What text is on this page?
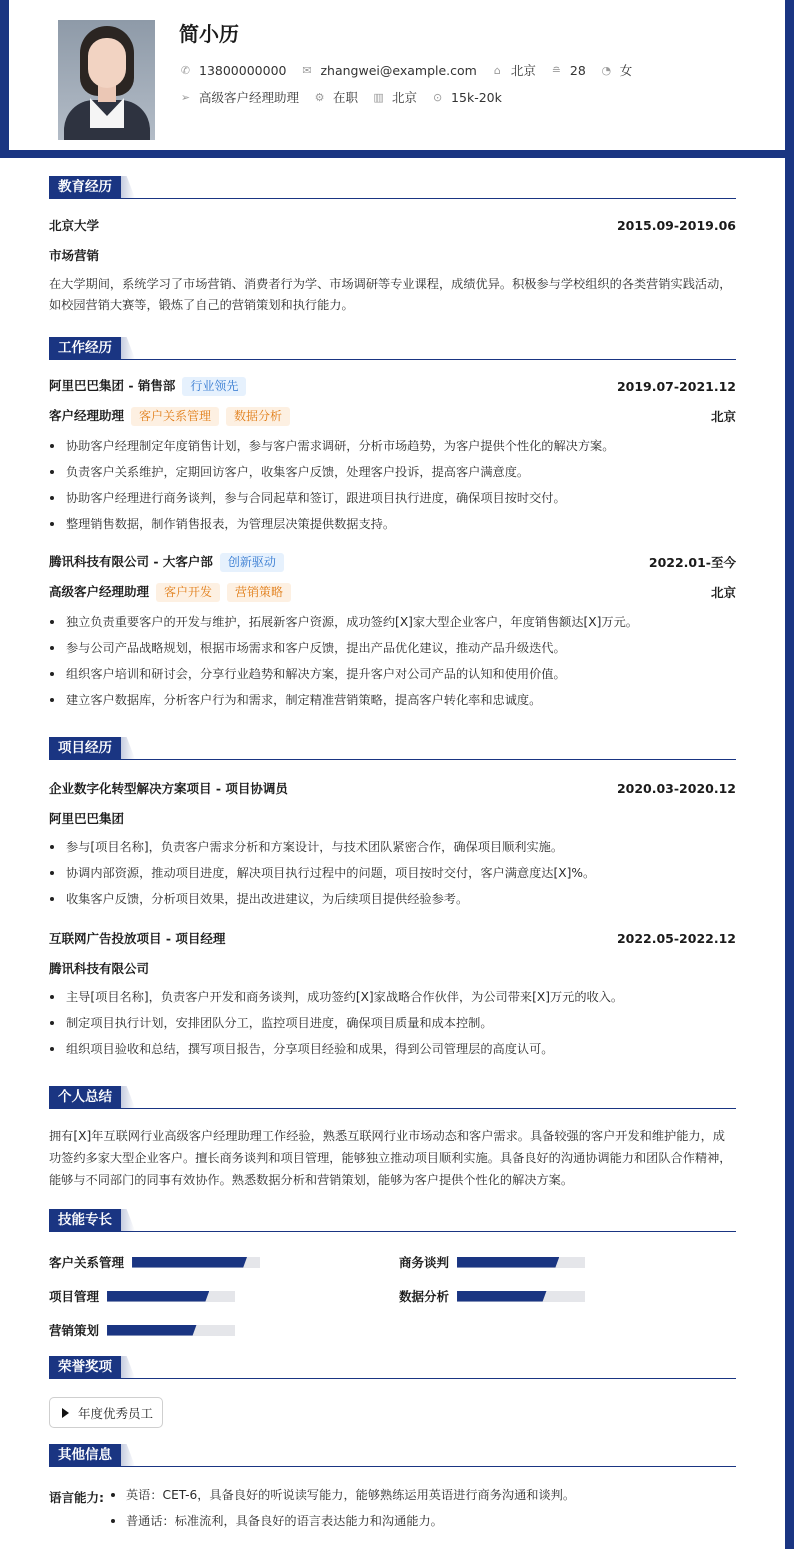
简小历
✆ 13800000000 ✉ zhangwei@example.com ⌂ 北京 ≘ 28 ◔ 女
➢ 高级客户经理助理 ⚙ 在职 ▥ 北京 ⊙ 15k-20k
教育经历
北京大学	2015.09-2019.06
市场营销
在大学期间，系统学习了市场营销、消费者行为学、市场调研等专业课程，成绩优异。积极参与学校组织的各类营销实践活动，如校园营销大赛等，锻炼了自己的营销策划和执行能力。
工作经历
阿里巴巴集团 - 销售部 行业领先	2019.07-2021.12
客户经理助理 客户关系管理 数据分析	北京
协助客户经理制定年度销售计划，参与客户需求调研，分析市场趋势，为客户提供个性化的解决方案。
负责客户关系维护，定期回访客户，收集客户反馈，处理客户投诉，提高客户满意度。
协助客户经理进行商务谈判，参与合同起草和签订，跟进项目执行进度，确保项目按时交付。
整理销售数据，制作销售报表，为管理层决策提供数据支持。
腾讯科技有限公司 - 大客户部 创新驱动	2022.01-至今
高级客户经理助理 客户开发 营销策略	北京
独立负责重要客户的开发与维护，拓展新客户资源，成功签约[X]家大型企业客户，年度销售额达[X]万元。
参与公司产品战略规划，根据市场需求和客户反馈，提出产品优化建议，推动产品升级迭代。
组织客户培训和研讨会，分享行业趋势和解决方案，提升客户对公司产品的认知和使用价值。
建立客户数据库，分析客户行为和需求，制定精准营销策略，提高客户转化率和忠诚度。
项目经历
企业数字化转型解决方案项目 - 项目协调员	2020.03-2020.12
阿里巴巴集团
参与[项目名称]，负责客户需求分析和方案设计，与技术团队紧密合作，确保项目顺利实施。
协调内部资源，推动项目进度，解决项目执行过程中的问题，项目按时交付，客户满意度达[X]%。
收集客户反馈，分析项目效果，提出改进建议，为后续项目提供经验参考。
互联网广告投放项目 - 项目经理	2022.05-2022.12
腾讯科技有限公司
主导[项目名称]，负责客户开发和商务谈判，成功签约[X]家战略合作伙伴，为公司带来[X]万元的收入。
制定项目执行计划，安排团队分工，监控项目进度，确保项目质量和成本控制。
组织项目验收和总结，撰写项目报告，分享项目经验和成果，得到公司管理层的高度认可。
个人总结
拥有[X]年互联网行业高级客户经理助理工作经验，熟悉互联网行业市场动态和客户需求。具备较强的客户开发和维护能力，成功签约多家大型企业客户。擅长商务谈判和项目管理，能够独立推动项目顺利实施。具备良好的沟通协调能力和团队合作精神，能够与不同部门的同事有效协作。熟悉数据分析和营销策划，能够为客户提供个性化的解决方案。
技能专长
客户关系管理	商务谈判
项目管理	数据分析
营销策划
荣誉奖项
年度优秀员工
其他信息
语言能力:	英语：CET-6，具备良好的听说读写能力，能够熟练运用英语进行商务沟通和谈判。
普通话：标准流利，具备良好的语言表达能力和沟通能力。
